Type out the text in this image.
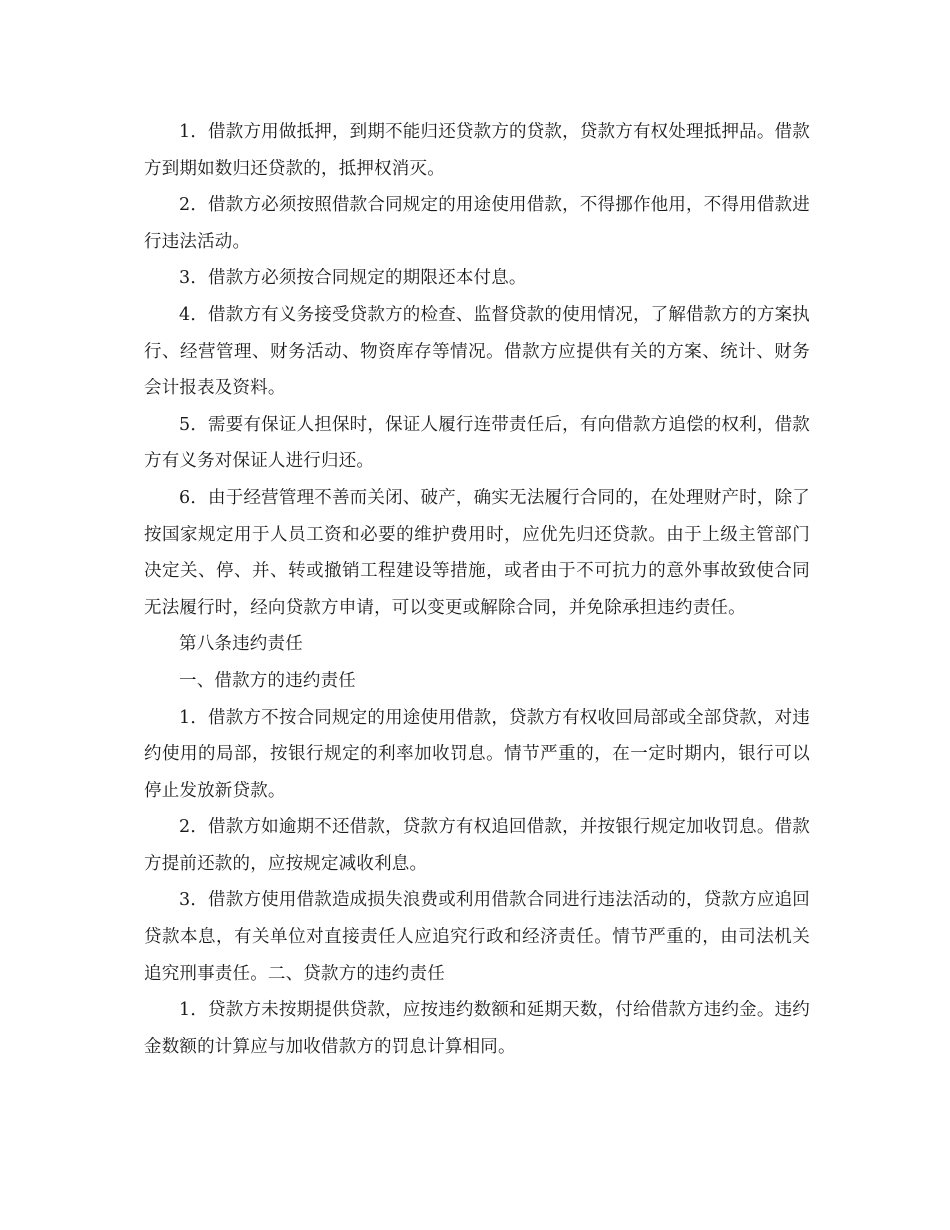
1．借款方用做抵押，到期不能归还贷款方的贷款，贷款方有权处理抵押品。借款方到期如数归还贷款的，抵押权消灭。

2．借款方必须按照借款合同规定的用途使用借款，不得挪作他用，不得用借款进行违法活动。

3．借款方必须按合同规定的期限还本付息。

4．借款方有义务接受贷款方的检查、监督贷款的使用情况，了解借款方的方案执行、经营管理、财务活动、物资库存等情况。借款方应提供有关的方案、统计、财务会计报表及资料。

5．需要有保证人担保时，保证人履行连带责任后，有向借款方追偿的权利，借款方有义务对保证人进行归还。

6．由于经营管理不善而关闭、破产，确实无法履行合同的，在处理财产时，除了按国家规定用于人员工资和必要的维护费用时，应优先归还贷款。由于上级主管部门决定关、停、并、转或撤销工程建设等措施，或者由于不可抗力的意外事故致使合同无法履行时，经向贷款方申请，可以变更或解除合同，并免除承担违约责任。

第八条违约责任

一、借款方的违约责任

1．借款方不按合同规定的用途使用借款，贷款方有权收回局部或全部贷款，对违约使用的局部，按银行规定的利率加收罚息。情节严重的，在一定时期内，银行可以停止发放新贷款。

2．借款方如逾期不还借款，贷款方有权追回借款，并按银行规定加收罚息。借款方提前还款的，应按规定减收利息。

3．借款方使用借款造成损失浪费或利用借款合同进行违法活动的，贷款方应追回贷款本息，有关单位对直接责任人应追究行政和经济责任。情节严重的，由司法机关追究刑事责任。二、贷款方的违约责任

1．贷款方未按期提供贷款，应按违约数额和延期天数，付给借款方违约金。违约金数额的计算应与加收借款方的罚息计算相同。
